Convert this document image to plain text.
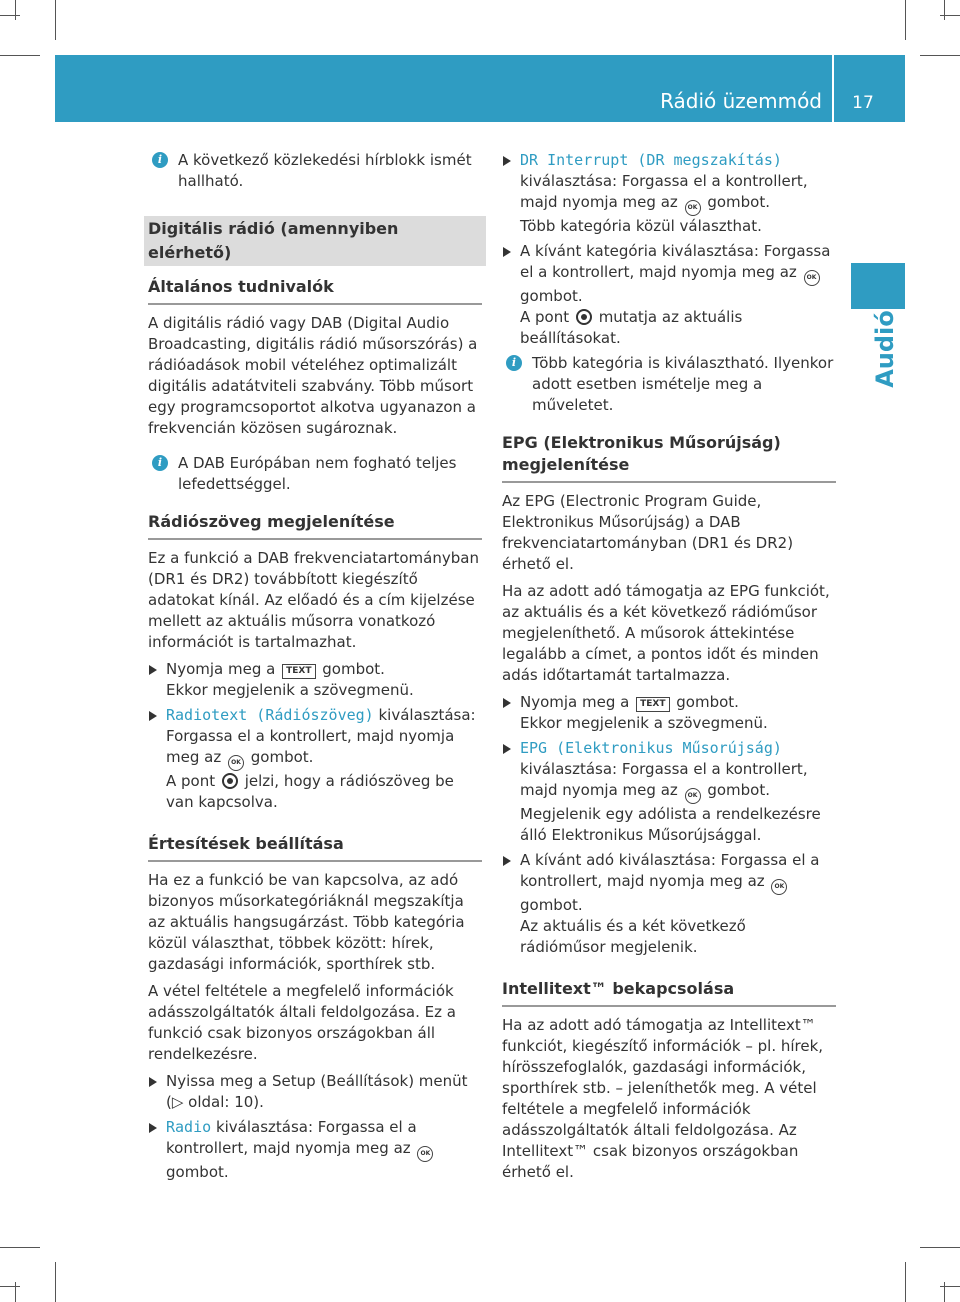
Rádió üzemmód	17
Audió
i	A következő közlekedési hírblokk ismét hallható.
Digitális rádió (amennyiben elérhető)
Általános tudnivalók

A digitális rádió vagy DAB (Digital Audio Broadcasting, digitális rádió műsorszórás) a rádióadások mobil vételéhez optimalizált digitális adatátviteli szabvány. Több műsort egy programcsoportot alkotva ugyanazon a frekvencián közösen sugároznak.

i	A DAB Európában nem fogható teljes lefedettséggel.
Rádiószöveg megjelenítése

Ez a funkció a DAB frekvenciatartományban (DR1 és DR2) továbbított kiegészítő adatokat kínál. Az előadó és a cím kijelzése mellett az aktuális műsorra vonatkozó információt is tartalmazhat.

Nyomja meg a TEXT gombot.
Ekkor megjelenik a szövegmenü.
Radiotext (Rádiószöveg) kiválasztása: Forgassa el a kontrollert, majd nyomja meg az OK gombot.
A pont jelzi, hogy a rádiószöveg be van kapcsolva.
Értesítések beállítása

Ha ez a funkció be van kapcsolva, az adó bizonyos műsorkategóriáknál megszakítja az aktuális hangsugárzást. Több kategória közül választhat, többek között: hírek, gazdasági információk, sporthírek stb.

A vétel feltétele a megfelelő információk adásszolgáltatók általi feldolgozása. Ez a funkció csak bizonyos országokban áll rendelkezésre.

Nyissa meg a Setup (Beállítások) menüt (▷ oldal: 10).
Radio kiválasztása: Forgassa el a kontrollert, majd nyomja meg az OK gombot.
DR Interrupt (DR megszakítás) kiválasztása: Forgassa el a kontrollert, majd nyomja meg az OK gombot.
Több kategória közül választhat.
A kívánt kategória kiválasztása: Forgassa el a kontrollert, majd nyomja meg az OK gombot.
A pont mutatja az aktuális beállításokat.
i	Több kategória is kiválasztható. Ilyenkor adott esetben ismételje meg a műveletet.
EPG (Elektronikus Műsorújság) megjelenítése

Az EPG (Electronic Program Guide, Elektronikus Műsorújság) a DAB frekvenciatartományban (DR1 és DR2) érhető el.

Ha az adott adó támogatja az EPG funkciót, az aktuális és a két következő rádióműsor megjeleníthető. A műsorok áttekintése legalább a címet, a pontos időt és minden adás időtartamát tartalmazza.

Nyomja meg a TEXT gombot.
Ekkor megjelenik a szövegmenü.
EPG (Elektronikus Műsorújság) kiválasztása: Forgassa el a kontrollert, majd nyomja meg az OK gombot.
Megjelenik egy adólista a rendelkezésre álló Elektronikus Műsorújsággal.
A kívánt adó kiválasztása: Forgassa el a kontrollert, majd nyomja meg az OK gombot.
Az aktuális és a két következő rádióműsor megjelenik.
Intellitext™ bekapcsolása

Ha az adott adó támogatja az Intellitext™ funkciót, kiegészítő információk – pl. hírek, hírösszefoglalók, gazdasági információk, sporthírek stb. – jeleníthetők meg. A vétel feltétele a megfelelő információk adásszolgáltatók általi feldolgozása. Az Intellitext™ csak bizonyos országokban érhető el.
